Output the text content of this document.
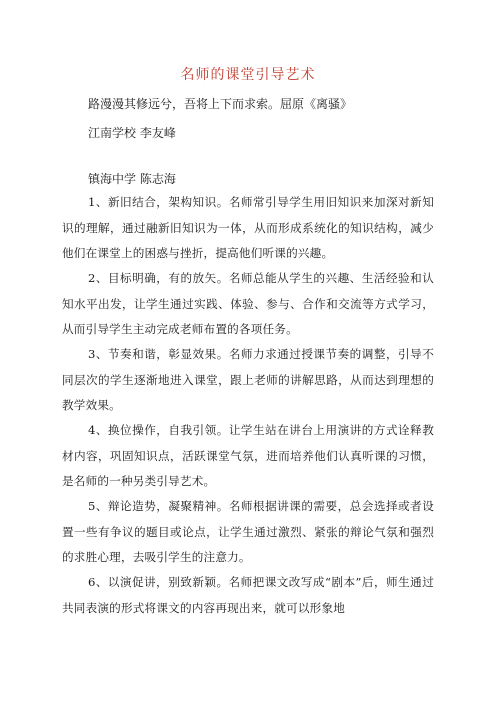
名师的课堂引导艺术
路漫漫其修远兮，吾将上下而求索。屈原《离骚》
江南学校 李友峰
镇海中学 陈志海
1、新旧结合，架构知识。名师常引导学生用旧知识来加深对新知识的理解，通过融新旧知识为一体，从而形成系统化的知识结构，减少他们在课堂上的困惑与挫折，提高他们听课的兴趣。
2、目标明确，有的放矢。名师总能从学生的兴趣、生活经验和认知水平出发，让学生通过实践、体验、参与、合作和交流等方式学习，从而引导学生主动完成老师布置的各项任务。
3、节奏和谐，彰显效果。名师力求通过授课节奏的调整，引导不同层次的学生逐渐地进入课堂，跟上老师的讲解思路，从而达到理想的教学效果。
4、换位操作，自我引领。让学生站在讲台上用演讲的方式诠释教材内容，巩固知识点，活跃课堂气氛，进而培养他们认真听课的习惯，是名师的一种另类引导艺术。
5、辩论造势，凝聚精神。名师根据讲课的需要，总会选择或者设置一些有争议的题目或论点，让学生通过激烈、紧张的辩论气氛和强烈的求胜心理，去吸引学生的注意力。
6、以演促讲，别致新颖。名师把课文改写成“剧本”后，师生通过共同表演的形式将课文的内容再现出来，就可以形象地
